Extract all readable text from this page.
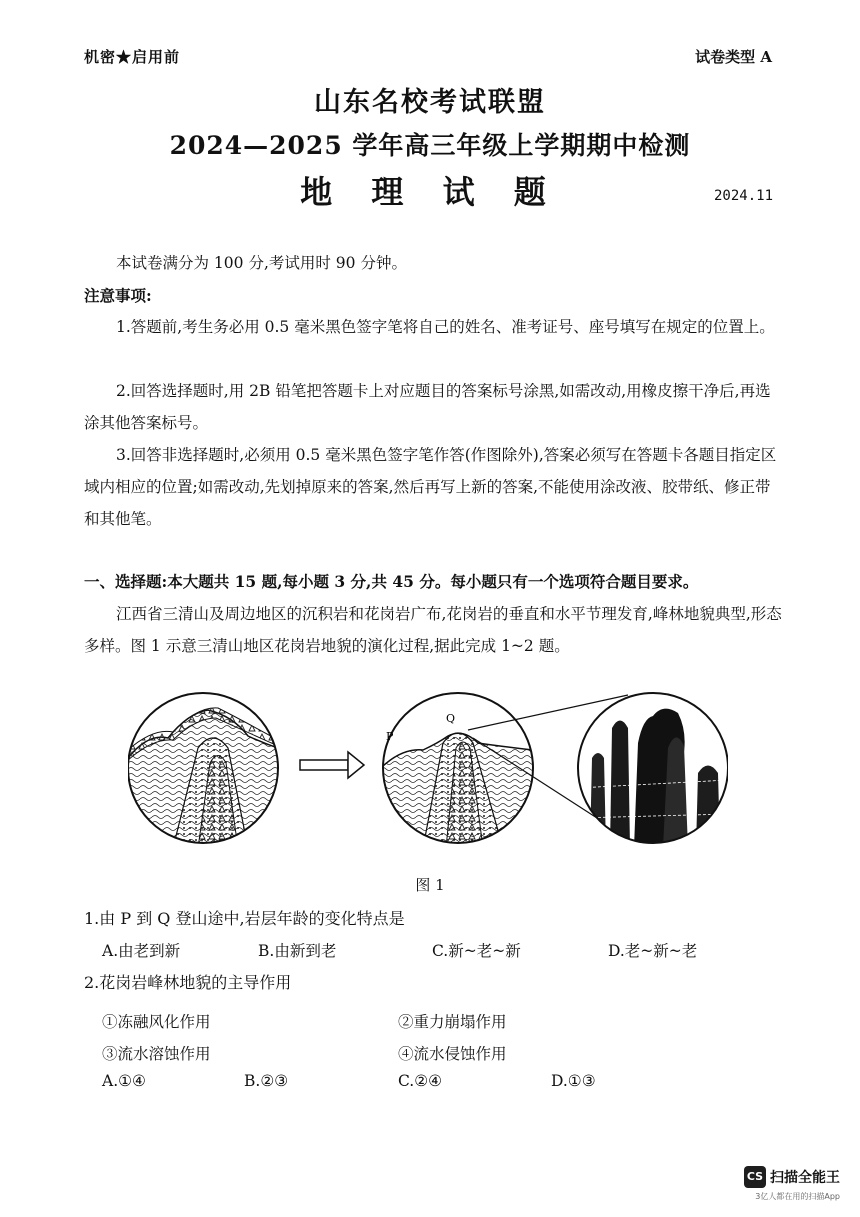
机密★启用前	试卷类型 A
山东名校考试联盟
2024—2025 学年高三年级上学期期中检测
地 理 试 题	2024.11
本试卷满分为 100 分,考试用时 90 分钟。
注意事项:
1.答题前,考生务必用 0.5 毫米黑色签字笔将自己的姓名、准考证号、座号填写在规定的位置上。
2.回答选择题时,用 2B 铅笔把答题卡上对应题目的答案标号涂黑,如需改动,用橡皮擦干净后,再选涂其他答案标号。
3.回答非选择题时,必须用 0.5 毫米黑色签字笔作答(作图除外),答案必须写在答题卡各题目指定区域内相应的位置;如需改动,先划掉原来的答案,然后再写上新的答案,不能使用涂改液、胶带纸、修正带和其他笔。
一、选择题:本大题共 15 题,每小题 3 分,共 45 分。每小题只有一个选项符合题目要求。
江西省三清山及周边地区的沉积岩和花岗岩广布,花岗岩的垂直和水平节理发育,峰林地貌典型,形态多样。图 1 示意三清山地区花岗岩地貌的演化过程,据此完成 1~2 题。
P
Q
图 1
1.由 P 到 Q 登山途中,岩层年龄的变化特点是
A.由老到新	B.由新到老	C.新~老~新	D.老~新~老
2.花岗岩峰林地貌的主导作用
①冻融风化作用	②重力崩塌作用
③流水溶蚀作用	④流水侵蚀作用
A.①④	B.②③	C.②④	D.①③
CS 扫描全能王
3亿人都在用的扫描App
